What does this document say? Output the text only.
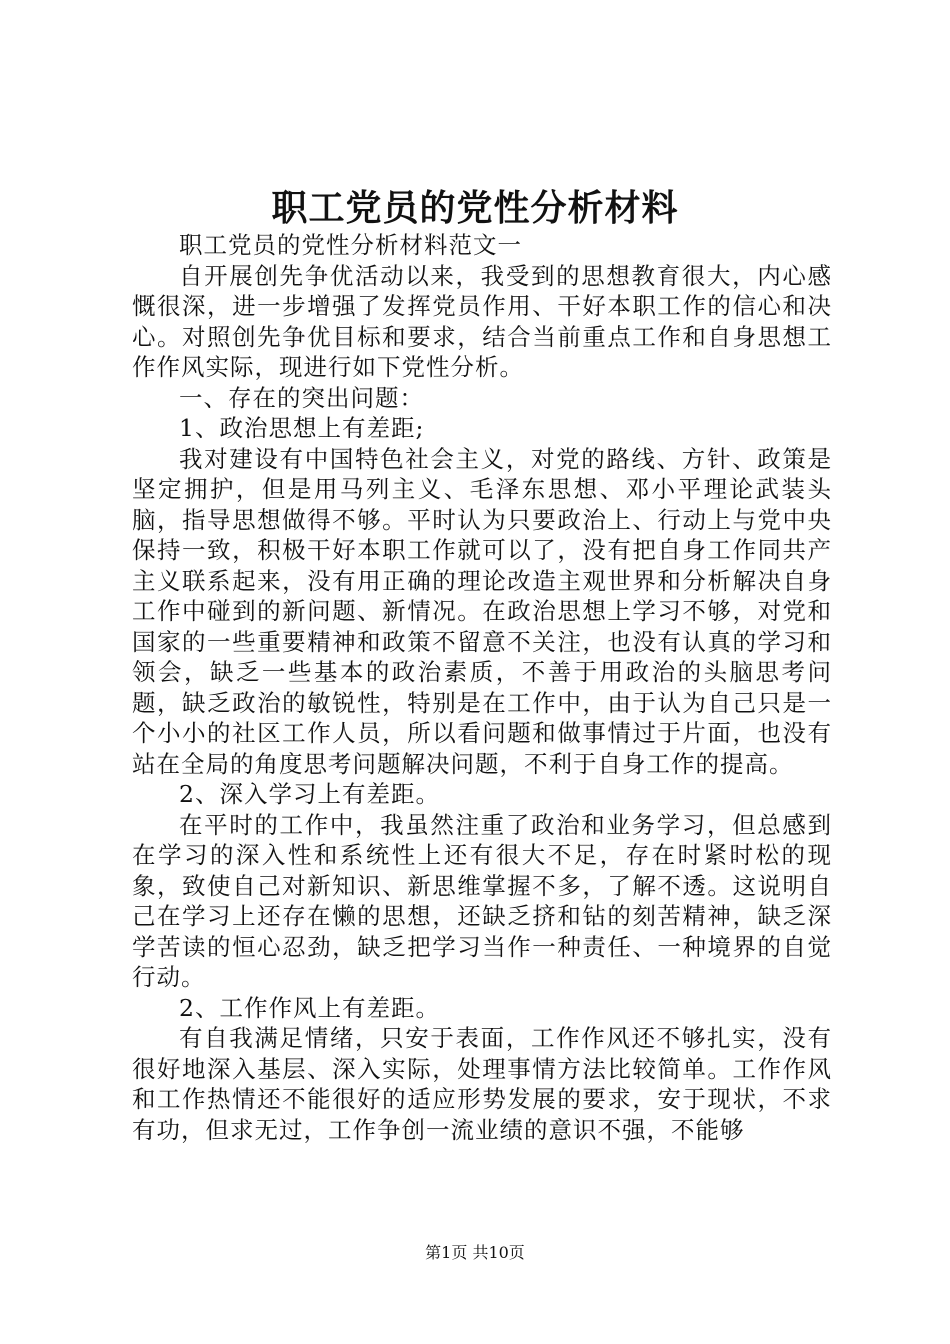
职工党员的党性分析材料

职工党员的党性分析材料范文一

自开展创先争优活动以来，我受到的思想教育很大，内心感慨很深，进一步增强了发挥党员作用、干好本职工作的信心和决心。对照创先争优目标和要求，结合当前重点工作和自身思想工作作风实际，现进行如下党性分析。

一、存在的突出问题：

1、政治思想上有差距;

我对建设有中国特色社会主义，对党的路线、方针、政策是坚定拥护，但是用马列主义、毛泽东思想、邓小平理论武装头脑，指导思想做得不够。平时认为只要政治上、行动上与党中央保持一致，积极干好本职工作就可以了，没有把自身工作同共产主义联系起来，没有用正确的理论改造主观世界和分析解决自身工作中碰到的新问题、新情况。在政治思想上学习不够，对党和国家的一些重要精神和政策不留意不关注，也没有认真的学习和领会，缺乏一些基本的政治素质，不善于用政治的头脑思考问题，缺乏政治的敏锐性，特别是在工作中，由于认为自己只是一个小小的社区工作人员，所以看问题和做事情过于片面，也没有站在全局的角度思考问题解决问题，不利于自身工作的提高。

2、深入学习上有差距。

在平时的工作中，我虽然注重了政治和业务学习，但总感到在学习的深入性和系统性上还有很大不足，存在时紧时松的现象，致使自己对新知识、新思维掌握不多，了解不透。这说明自己在学习上还存在懒的思想，还缺乏挤和钻的刻苦精神，缺乏深学苦读的恒心忍劲，缺乏把学习当作一种责任、一种境界的自觉行动。

2、工作作风上有差距。

有自我满足情绪，只安于表面，工作作风还不够扎实，没有很好地深入基层、深入实际，处理事情方法比较简单。工作作风和工作热情还不能很好的适应形势发展的要求，安于现状，不求有功，但求无过，工作争创一流业绩的意识不强，不能够

第1页 共10页
